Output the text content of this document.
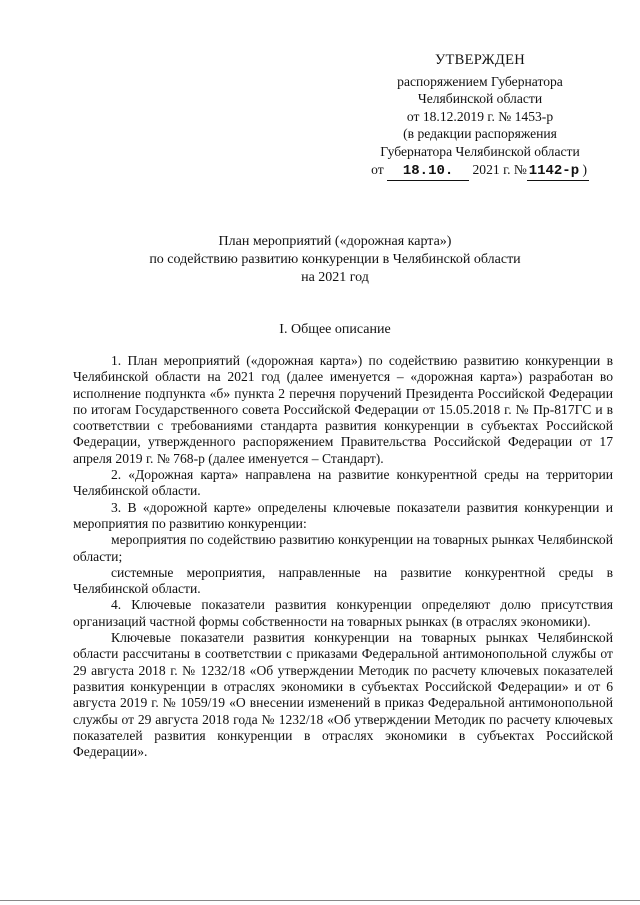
УТВЕРЖДЕН
распоряжением Губернатора
Челябинской области
от 18.12.2019 г. № 1453-р
(в редакции распоряжения
Губернатора Челябинской области
от 18.10. 2021 г. № 1142-р )
План мероприятий («дорожная карта»)
по содействию развитию конкуренции в Челябинской области
на 2021 год
I. Общее описание

1. План мероприятий («дорожная карта») по содействию развитию конкуренции в Челябинской области на 2021 год (далее именуется – «дорожная карта») разработан во исполнение подпункта «б» пункта 2 перечня поручений Президента Российской Федерации по итогам Государственного совета Российской Федерации от 15.05.2018 г. № Пр-817ГС и в соответствии с требованиями стандарта развития конкуренции в субъектах Российской Федерации, утвержденного распоряжением Правительства Российской Федерации от 17 апреля 2019 г. № 768-р (далее именуется – Стандарт).

2. «Дорожная карта» направлена на развитие конкурентной среды на территории Челябинской области.

3. В «дорожной карте» определены ключевые показатели развития конкуренции и мероприятия по развитию конкуренции:

мероприятия по содействию развитию конкуренции на товарных рынках Челябинской области;

системные мероприятия, направленные на развитие конкурентной среды в Челябинской области.

4. Ключевые показатели развития конкуренции определяют долю присутствия организаций частной формы собственности на товарных рынках (в отраслях экономики).

Ключевые показатели развития конкуренции на товарных рынках Челябинской области рассчитаны в соответствии с приказами Федеральной антимонопольной службы от 29 августа 2018 г. № 1232/18 «Об утверждении Методик по расчету ключевых показателей развития конкуренции в отраслях экономики в субъектах Российской Федерации» и от 6 августа 2019 г. № 1059/19 «О внесении изменений в приказ Федеральной антимонопольной службы от 29 августа 2018 года № 1232/18 «Об утверждении Методик по расчету ключевых показателей развития конкуренции в отраслях экономики в субъектах Российской Федерации».
